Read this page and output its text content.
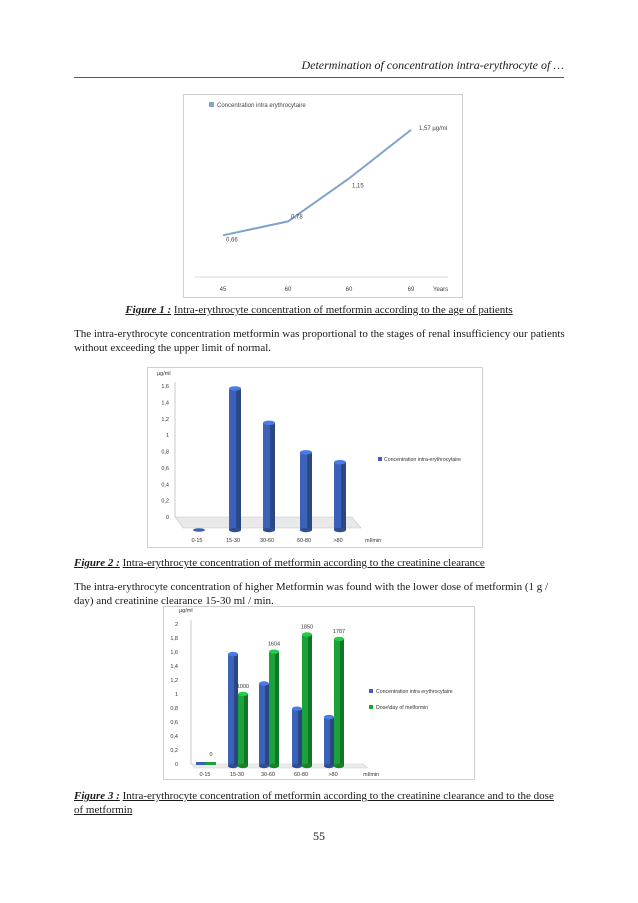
Determination of concentration intra-erythrocyte of …
Concentration intra erythrocytaire
0,66
0,78
1,15
1,57 µg/ml
45	60	60	69	Years
Figure 1 : Intra-erythrocyte concentration of metformin according to the age of patients
The intra-erythrocyte concentration metformin was proportional to the stages of renal insufficiency our patients without exceeding the upper limit of normal.
µg/ml
0
0,2
0,4
0,6
0,8
1
1,2
1,4
1,6
0-15	15-30	30-60	60-80	>80	ml/min
Concentration intra-erythrocytaire
Figure 2 : Intra-erythrocyte concentration of metformin according to the creatinine clearance
The intra-erythrocyte concentration of higher Metformin was found with the lower dose of metformin (1 g / day) and creatinine clearance 15-30 ml / min.
µg/ml
0
0,2
0,4
0,6
0,8
1
1,2
1,4
1,6
1,8
2
0
0-15
1000
15-30
1604
30-60
1850
60-80
1787
>80	ml/min
Concentration intra erythrocytaire
Dose\day of metformin
Figure 3 : Intra-erythrocyte concentration of metformin according to the creatinine clearance and to the dose of metformin
55
